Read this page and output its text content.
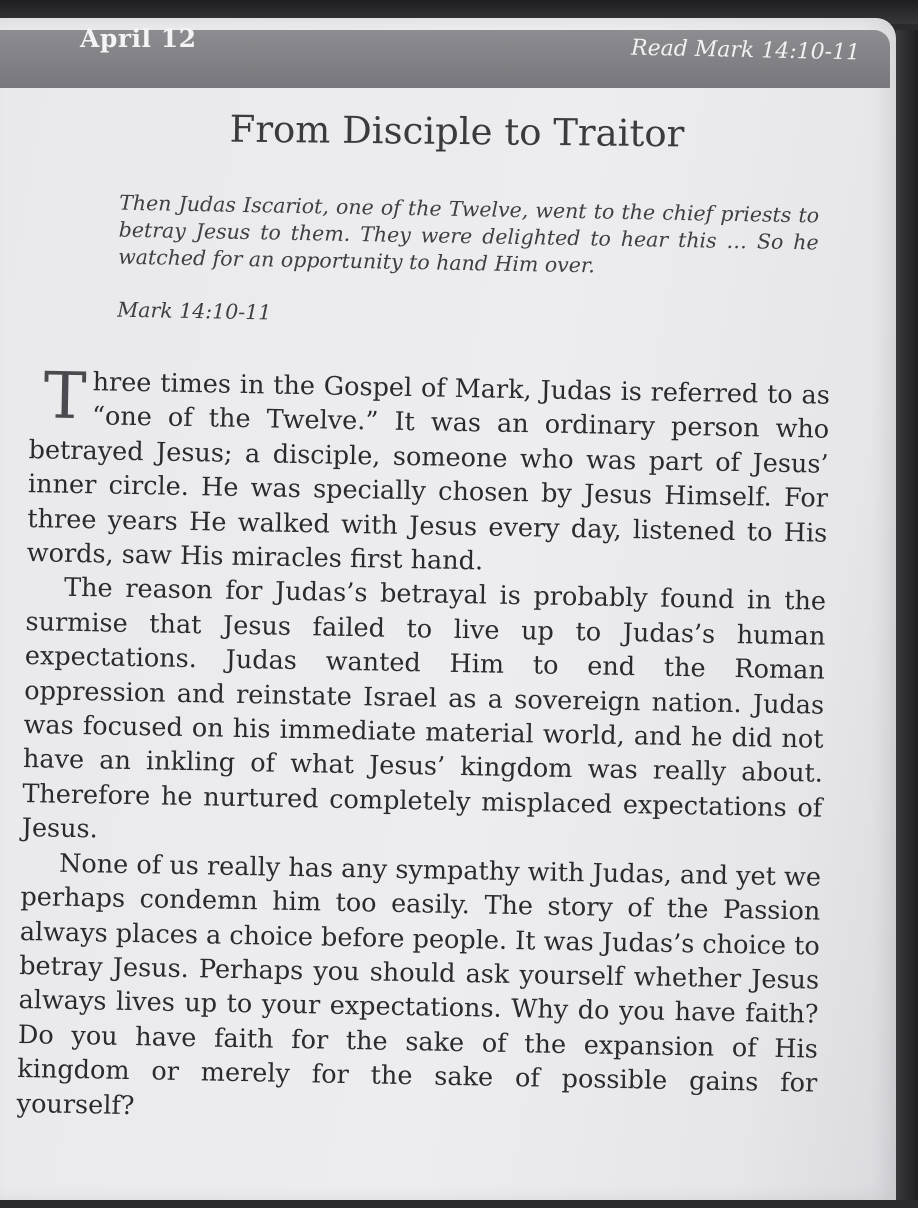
April 12	Read Mark 14:10-11
From Disciple to Traitor
Then Judas Iscariot, one of the Twelve, went to the chief priests to betray Jesus to them. They were delighted to hear this … So he watched for an opportunity to hand Him over.
Mark 14:10-11

Three times in the Gospel of Mark, Judas is referred to as “one of the Twelve.” It was an ordinary person who betrayed Jesus; a disciple, someone who was part of Jesus’ inner circle. He was specially chosen by Jesus Himself. For three years He walked with Jesus every day, listened to His words, saw His miracles first hand.

The reason for Judas’s betrayal is probably found in the surmise that Jesus failed to live up to Judas’s human expectations. Judas wanted Him to end the Roman oppression and reinstate Israel as a sovereign nation. Judas was focused on his immediate material world, and he did not have an inkling of what Jesus’ kingdom was really about. Therefore he nurtured completely misplaced expectations of Jesus.

None of us really has any sympathy with Judas, and yet we perhaps condemn him too easily. The story of the Passion always places a choice before people. It was Judas’s choice to betray Jesus. Perhaps you should ask yourself whether Jesus always lives up to your expectations. Why do you have faith? Do you have faith for the sake of the expansion of His kingdom or merely for the sake of possible gains for yourself?
